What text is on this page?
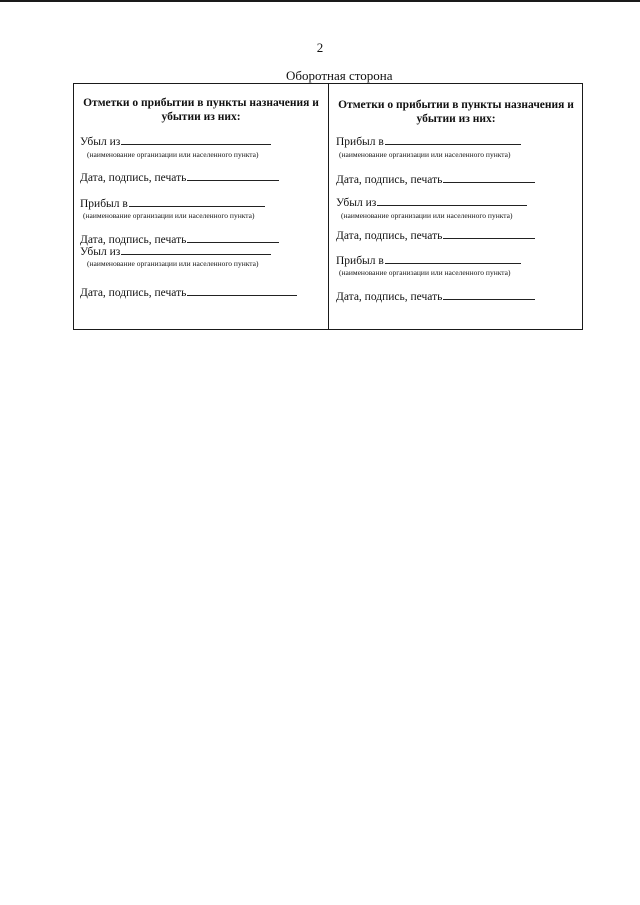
2
Оборотная сторона
Отметки о прибытии в пункты назначения и
убытии из них:
Убыл из
(наименование организации или населенного пункта)
Дата, подпись, печать
Прибыл в
(наименование организации или населенного пункта)
Дата, подпись, печать
Убыл из
(наименование организации или населенного пункта)
Дата, подпись, печать
Отметки о прибытии в пункты назначения и
убытии из них:
Прибыл в
(наименование организации или населенного пункта)
Дата, подпись, печать
Убыл из
(наименование организации или населенного пункта)
Дата, подпись, печать
Прибыл в
(наименование организации или населенного пункта)
Дата, подпись, печать
